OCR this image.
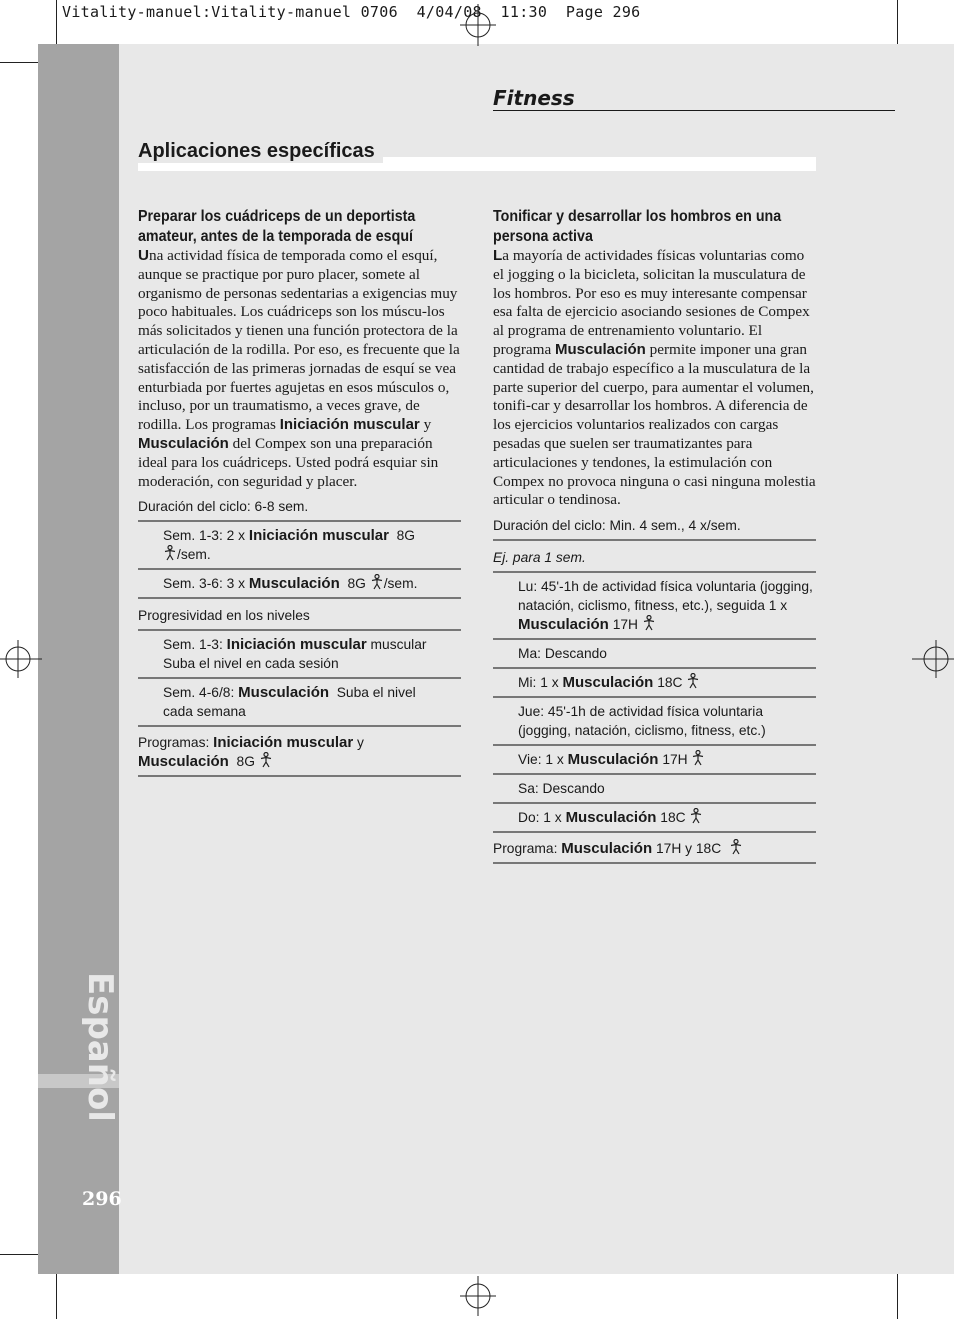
Vitality-manuel:Vitality-manuel 0706  4/04/08  11:30  Page 296
Español
296
Fitness
Aplicaciones específicas
Preparar los cuádriceps de un deportista amateur, antes de la temporada de esquí

Una actividad física de temporada como el esquí, aunque se practique por puro placer, somete al organismo de personas sedentarias a exigencias muy poco habituales. Los cuádriceps son los múscu-los más solicitados y tienen una función protectora de la articulación de la rodilla. Por eso, es frecuente que la satisfacción de las primeras jornadas de esquí se vea enturbiada por fuertes agujetas en esos músculos o, incluso, por un traumatismo, a veces grave, de rodilla. Los programas Iniciación muscular y Musculación del Compex son una preparación ideal para los cuádriceps. Usted podrá esquiar sin moderación, con seguridad y placer.

Duración del ciclo: 6-8 sem.
Sem. 1-3: 2 x Iniciación muscular 8G
/sem.
Sem. 3-6: 3 x Musculación 8G /sem.
Progresividad en los niveles
Sem. 1-3: Iniciación muscular muscular
Suba el nivel en cada sesión
Sem. 4-6/8: Musculación Suba el nivel
cada semana
Programas: Iniciación muscular y
Musculación 8G
Tonificar y desarrollar los hombros en una persona activa

La mayoría de actividades físicas voluntarias como el jogging o la bicicleta, solicitan la musculatura de los hombros. Por eso es muy interesante compensar esa falta de ejercicio asociando sesiones de Compex al programa de entrenamiento voluntario. El programa Musculación permite imponer una gran cantidad de trabajo específico a la musculatura de la parte superior del cuerpo, para aumentar el volumen, tonifi-car y desarrollar los hombros. A diferencia de los ejercicios voluntarios realizados con cargas pesadas que suelen ser traumatizantes para articulaciones y tendones, la estimulación con Compex no provoca ninguna o casi ninguna molestia articular o tendinosa.

Duración del ciclo: Min. 4 sem., 4 x/sem.
Ej. para 1 sem.
Lu: 45'-1h de actividad física voluntaria (jogging, natación, ciclismo, fitness, etc.), seguida 1 x Musculación 17H
Ma: Descando
Mi: 1 x Musculación 18C
Jue: 45'-1h de actividad física voluntaria (jogging, natación, ciclismo, fitness, etc.)
Vie: 1 x Musculación 17H
Sa: Descando
Do: 1 x Musculación 18C
Programa: Musculación 17H y 18C
